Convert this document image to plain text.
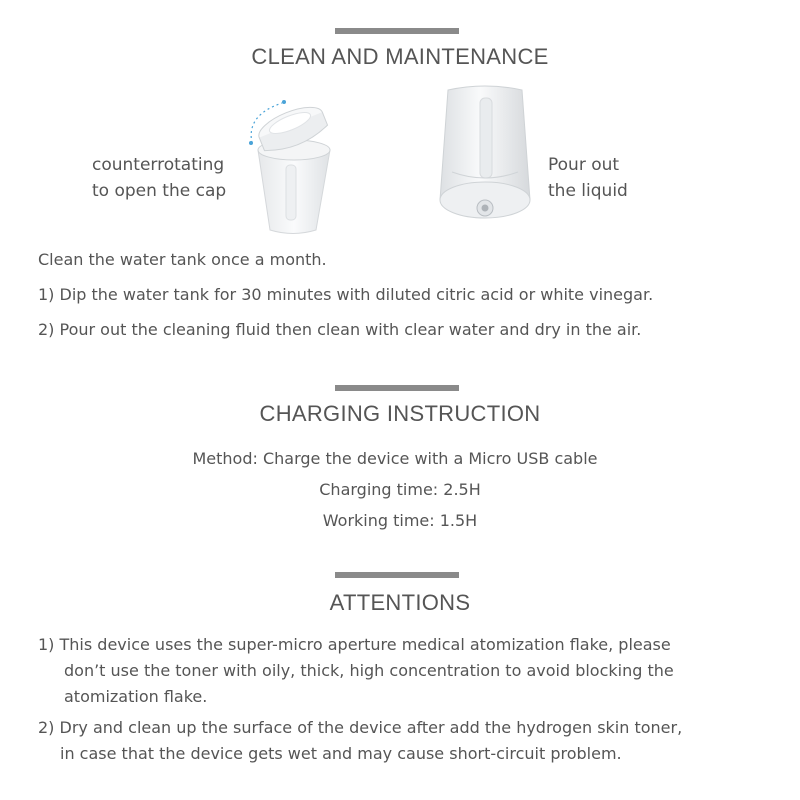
CLEAN AND MAINTENANCE
counterrotating
to open the cap
Pour out
the liquid
Clean the water tank once a month.
1) Dip the water tank for 30 minutes with diluted citric acid or white vinegar.
2) Pour out the cleaning fluid then clean with clear water and dry in the air.
CHARGING INSTRUCTION
Method: Charge the device with a Micro USB cable
Charging time: 2.5H
Working time: 1.5H
ATTENTIONS
1) This device uses the super-micro aperture medical atomization flake, please
don’t use the toner with oily, thick, high concentration to avoid blocking the
atomization flake.
2) Dry and clean up the surface of the device after add the hydrogen skin toner,
in case that the device gets wet and may cause short-circuit problem.
